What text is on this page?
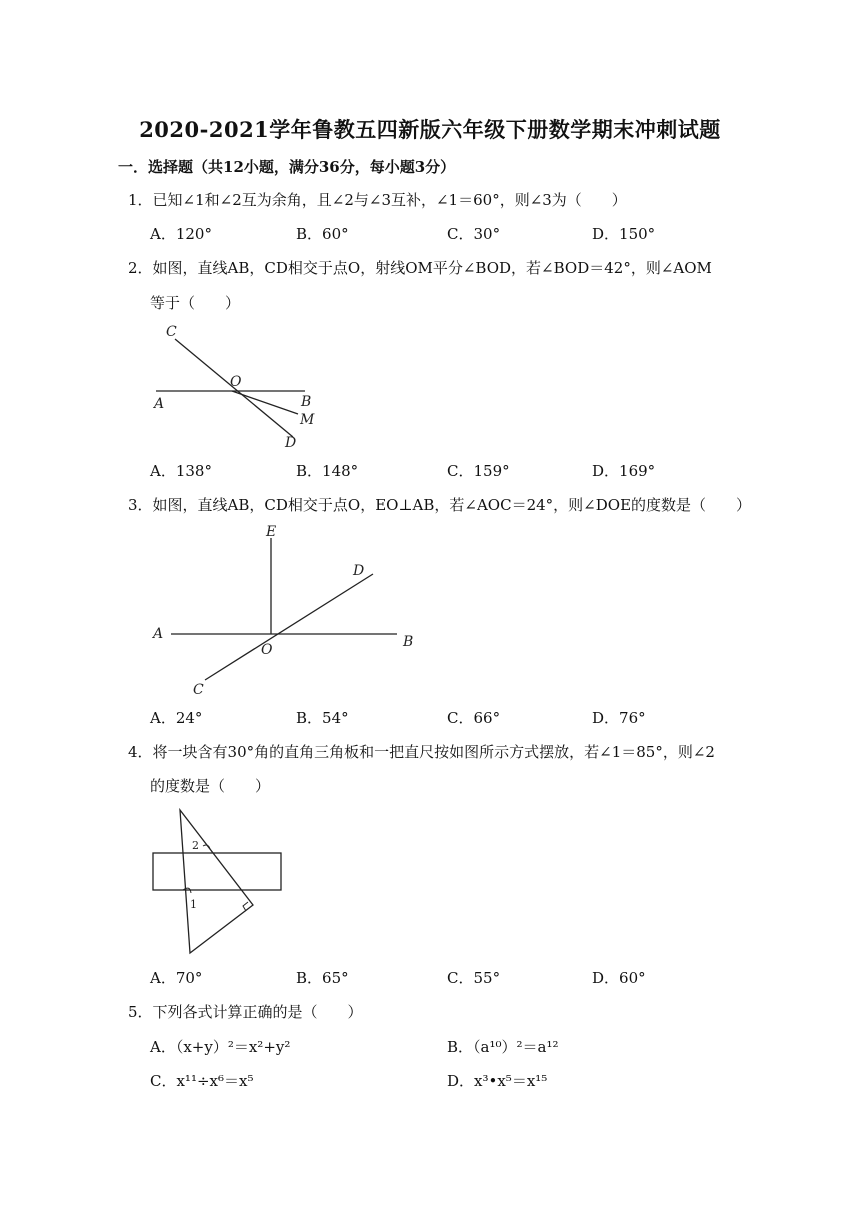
2020-2021学年鲁教五四新版六年级下册数学期末冲刺试题
一．选择题（共12小题，满分36分，每小题3分）
1．已知∠1和∠2互为余角，且∠2与∠3互补，∠1＝60°，则∠3为（　　）
A．120°	B．60°	C．30°	D．150°
2．如图，直线AB，CD相交于点O，射线OM平分∠BOD，若∠BOD＝42°，则∠AOM
等于（　　）
C
O
A	B
M
D
A．138°	B．148°	C．159°	D．169°
3．如图，直线AB，CD相交于点O，EO⊥AB，若∠AOC＝24°，则∠DOE的度数是（　　）
E
D
A
O	B
C
A．24°	B．54°	C．66°	D．76°
4．将一块含有30°角的直角三角板和一把直尺按如图所示方式摆放，若∠1＝85°，则∠2
的度数是（　　）
2
1
A．70°	B．65°	C．55°	D．60°
5．下列各式计算正确的是（　　）
A．（x+y）²＝x²+y²	B．（a¹⁰）²＝a¹²
C．x¹¹÷x⁶＝x⁵	D．x³•x⁵＝x¹⁵
